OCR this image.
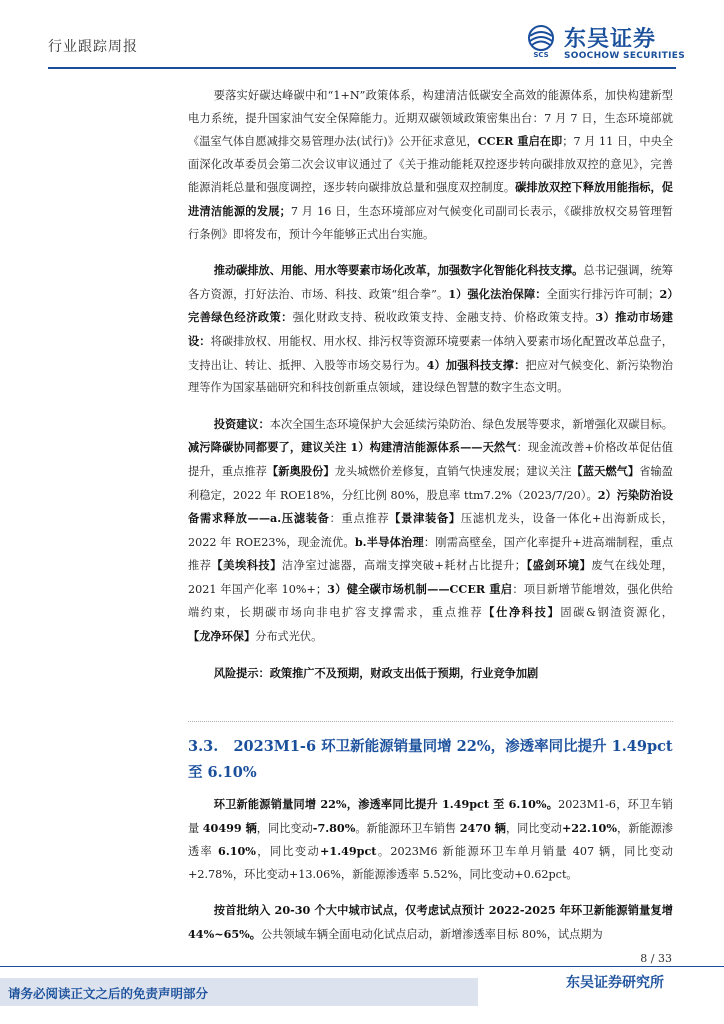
行业跟踪周报	SCS
东吴证券
SOOCHOW SECURITIES

要落实好碳达峰碳中和“1+N”政策体系，构建清洁低碳安全高效的能源体系，加快构建新型电力系统，提升国家油气安全保障能力。近期双碳领域政策密集出台：7 月 7 日，生态环境部就《温室气体自愿减排交易管理办法(试行)》公开征求意见，CCER 重启在即；7 月 11 日，中央全面深化改革委员会第二次会议审议通过了《关于推动能耗双控逐步转向碳排放双控的意见》，完善能源消耗总量和强度调控，逐步转向碳排放总量和强度双控制度。碳排放双控下释放用能指标，促进清洁能源的发展；7 月 16 日，生态环境部应对气候变化司副司长表示，《碳排放权交易管理暂行条例》即将发布，预计今年能够正式出台实施。

推动碳排放、用能、用水等要素市场化改革，加强数字化智能化科技支撑。总书记强调，统筹各方资源，打好法治、市场、科技、政策“组合拳”。1）强化法治保障：全面实行排污许可制；2）完善绿色经济政策：强化财政支持、税收政策支持、金融支持、价格政策支持。3）推动市场建设：将碳排放权、用能权、用水权、排污权等资源环境要素一体纳入要素市场化配置改革总盘子，支持出让、转让、抵押、入股等市场交易行为。4）加强科技支撑：把应对气候变化、新污染物治理等作为国家基础研究和科技创新重点领域，建设绿色智慧的数字生态文明。

投资建议：本次全国生态环境保护大会延续污染防治、绿色发展等要求，新增强化双碳目标。减污降碳协同都要了，建议关注 1）构建清洁能源体系——天然气：现金流改善+价格改革促估值提升，重点推荐【新奥股份】龙头城燃价差修复，直销气快速发展；建议关注【蓝天燃气】省输盈利稳定，2022 年 ROE18%，分红比例 80%，股息率 ttm7.2%（2023/7/20）。2）污染防治设备需求释放——a.压滤装备：重点推荐【景津装备】压滤机龙头，设备一体化+出海新成长，2022 年 ROE23%，现金流优。b.半导体治理：刚需高壁垒，国产化率提升+进高端制程，重点推荐【美埃科技】洁净室过滤器，高端支撑突破+耗材占比提升；【盛剑环境】废气在线处理，2021 年国产化率 10%+；3）健全碳市场机制——CCER 重启：项目新增节能增效，强化供给端约束，长期碳市场向非电扩容支撑需求，重点推荐【仕净科技】固碳&钢渣资源化，【龙净环保】分布式光伏。

风险提示：政策推广不及预期，财政支出低于预期，行业竞争加剧

3.3. 2023M1-6 环卫新能源销量同增 22%，渗透率同比提升 1.49pct 至 6.10%

环卫新能源销量同增 22%，渗透率同比提升 1.49pct 至 6.10%。2023M1-6，环卫车销量 40499 辆，同比变动-7.80%。新能源环卫车销售 2470 辆，同比变动+22.10%，新能源渗透率 6.10%，同比变动+1.49pct。2023M6 新能源环卫车单月销量 407 辆，同比变动+2.78%，环比变动+13.06%，新能源渗透率 5.52%，同比变动+0.62pct。

按首批纳入 20-30 个大中城市试点，仅考虑试点预计 2022-2025 年环卫新能源销量复增 44%~65%。公共领域车辆全面电动化试点启动，新增渗透率目标 80%，试点期为

8 / 33
请务必阅读正文之后的免责声明部分
东吴证券研究所
